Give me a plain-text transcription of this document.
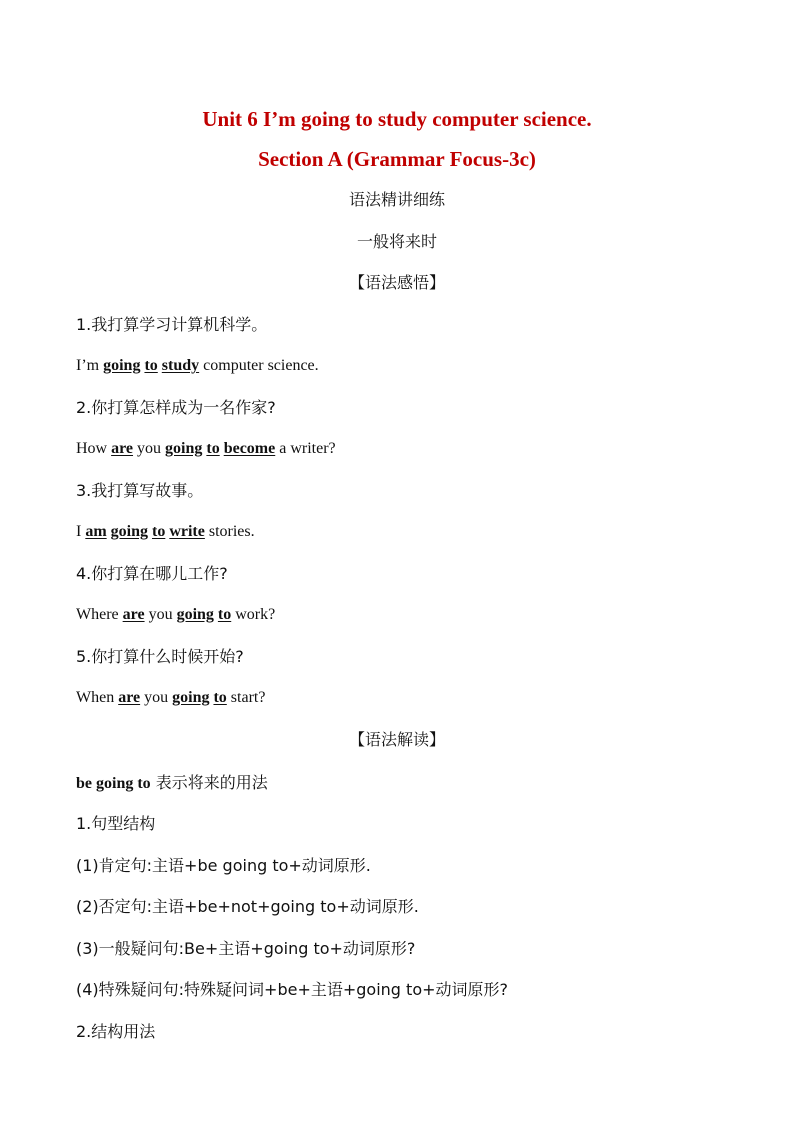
Unit 6 I’m going to study computer science.
Section A (Grammar Focus-3c)
语法精讲细练
一般将来时
【语法感悟】
1.我打算学习计算机科学。
I’m going to study computer science.
2.你打算怎样成为一名作家?
How are you going to become a writer?
3.我打算写故事。
I am going to write stories.
4.你打算在哪儿工作?
Where are you going to work?
5.你打算什么时候开始?
When are you going to start?
【语法解读】
be going to 表示将来的用法
1.句型结构
(1)肯定句:主语+be going to+动词原形.
(2)否定句:主语+be+not+going to+动词原形.
(3)一般疑问句:Be+主语+going to+动词原形?
(4)特殊疑问句:特殊疑问词+be+主语+going to+动词原形?
2.结构用法
